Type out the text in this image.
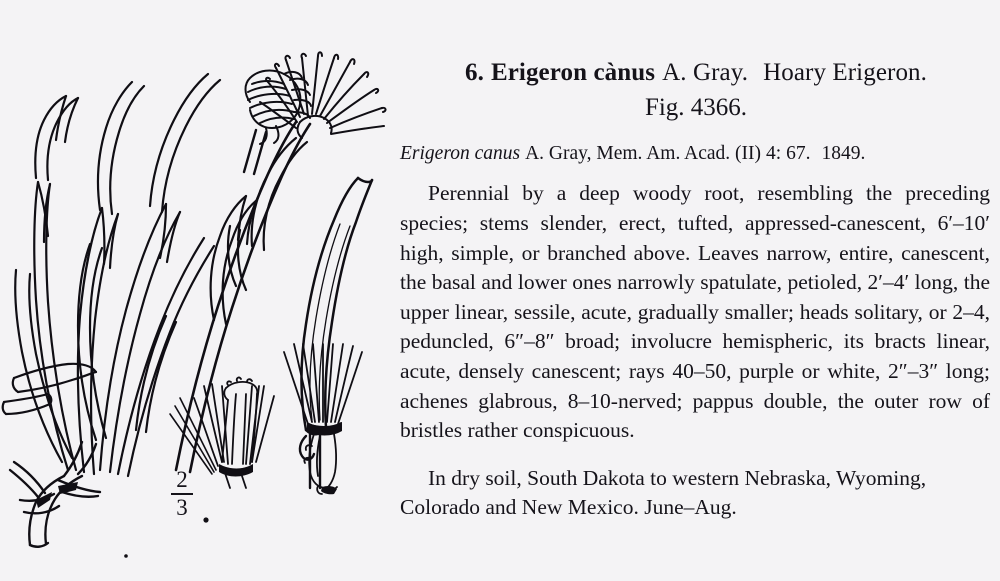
2
3
6. Erigeron cànus A. Gray. Hoary Erigeron.
Fig. 4366.
Erigeron canus A. Gray, Mem. Am. Acad. (II) 4: 67. 1849.

Perennial by a deep woody root, resembling the preceding species; stems slender, erect, tufted, appressed-canescent, 6′–10′ high, simple, or branched above. Leaves narrow, entire, canescent, the basal and lower ones narrowly spatulate, petioled, 2′–4′ long, the upper linear, sessile, acute, gradually smaller; heads solitary, or 2–4, peduncled, 6″–8″ broad; involucre hemispheric, its bracts linear, acute, densely canescent; rays 40–50, purple or white, 2″–3″ long; achenes glabrous, 8–10-nerved; pappus double, the outer row of bristles rather conspicuous.

In dry soil, South Dakota to western Nebraska, Wyoming, Colorado and New Mexico. June–Aug.
